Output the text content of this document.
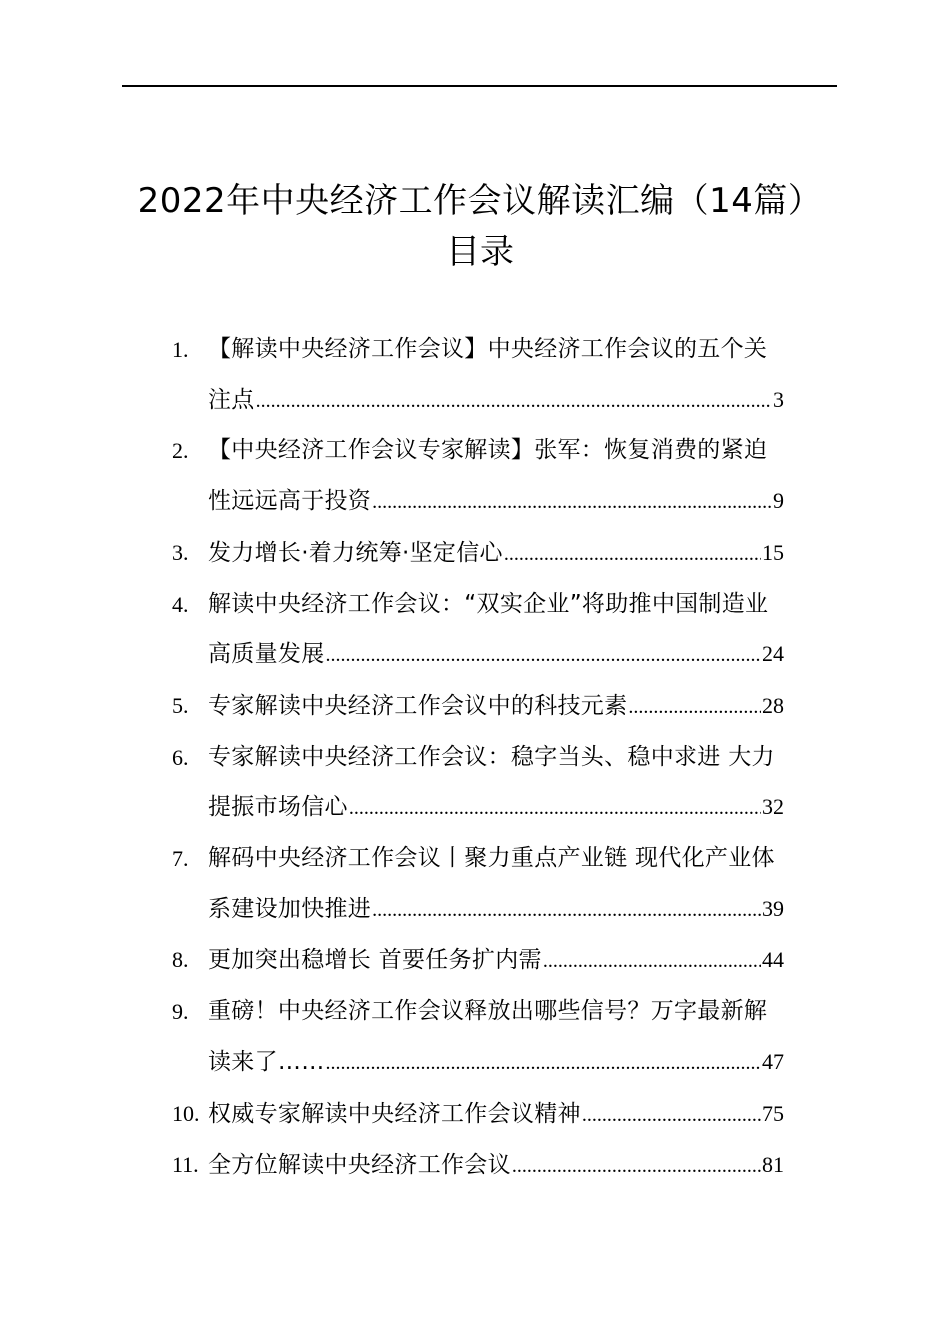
2022年中央经济工作会议解读汇编（14篇）
目录
1. 【解读中央经济工作会议】中央经济工作会议的五个关
注点 .....	3
2. 【中央经济工作会议专家解读】张军：恢复消费的紧迫
性远远高于投资 .....	9
3. 发力增长·着力统筹·坚定信心 .....	15
4. 解读中央经济工作会议：“双实企业”将助推中国制造业
高质量发展 .....	24
5. 专家解读中央经济工作会议中的科技元素 .....	28
6. 专家解读中央经济工作会议：稳字当头、稳中求进 大力
提振市场信心 .....	32
7. 解码中央经济工作会议丨聚力重点产业链 现代化产业体
系建设加快推进 .....	39
8. 更加突出稳增长 首要任务扩内需 .....	44
9. 重磅！中央经济工作会议释放出哪些信号？万字最新解
读来了…… .....	47
10. 权威专家解读中央经济工作会议精神 .....	75
11. 全方位解读中央经济工作会议 .....	81
